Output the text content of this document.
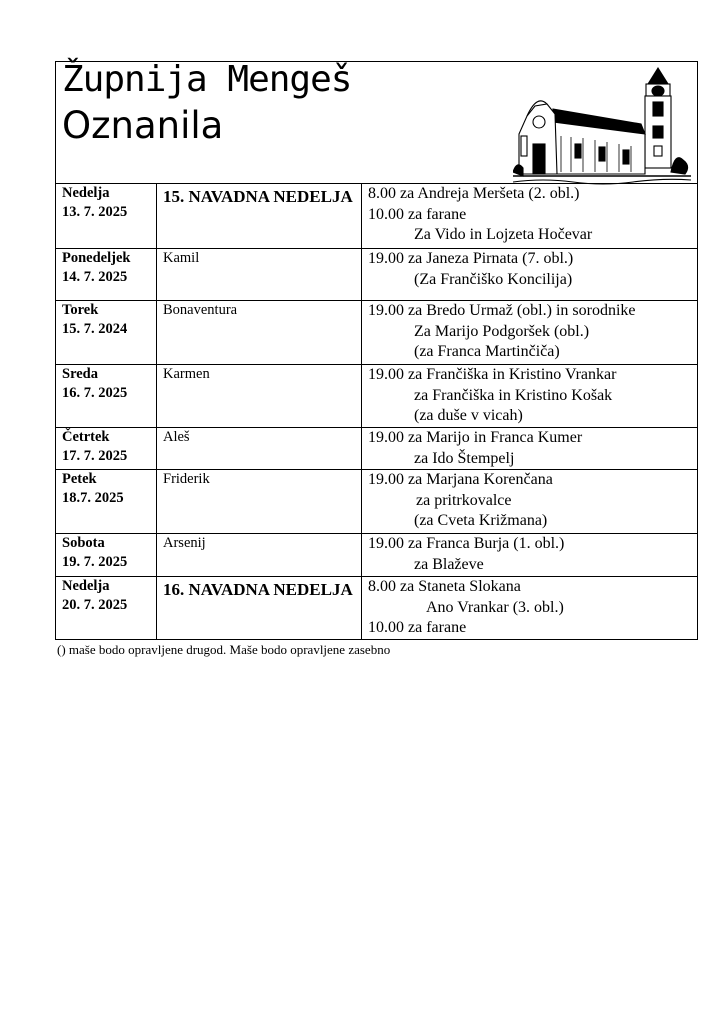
Župnija Mengeš
Oznanila
Nedelja
13. 7. 2025	15. NAVADNA NEDELJA	8.00 za Andreja Meršeta (2. obl.)
10.00 za farane
Za Vido in Lojzeta Hočevar

Ponedeljek
14. 7. 2025	Kamil	19.00 za Janeza Pirnata (7. obl.)
(Za Frančiško Koncilija)

Torek
15. 7. 2024	Bonaventura	19.00 za Bredo Urmaž (obl.) in sorodnike
Za Marijo Podgoršek (obl.)
(za Franca Martinčiča)

Sreda
16. 7. 2025	Karmen	19.00 za Frančiška in Kristino Vrankar
za Frančiška in Kristino Košak
(za duše v vicah)

Četrtek
17. 7. 2025	Aleš	19.00 za Marijo in Franca Kumer
za Ido Štempelj

Petek
18.7. 2025	Friderik	19.00 za Marjana Korenčana
za pritrkovalce
(za Cveta Križmana)

Sobota
19. 7. 2025	Arsenij	19.00 za Franca Burja (1. obl.)
za Blaževe

Nedelja
20. 7. 2025	16. NAVADNA NEDELJA	8.00 za Staneta Slokana
Ano Vrankar (3. obl.)
10.00 za farane
() maše bodo opravljene drugod. Maše bodo opravljene zasebno
